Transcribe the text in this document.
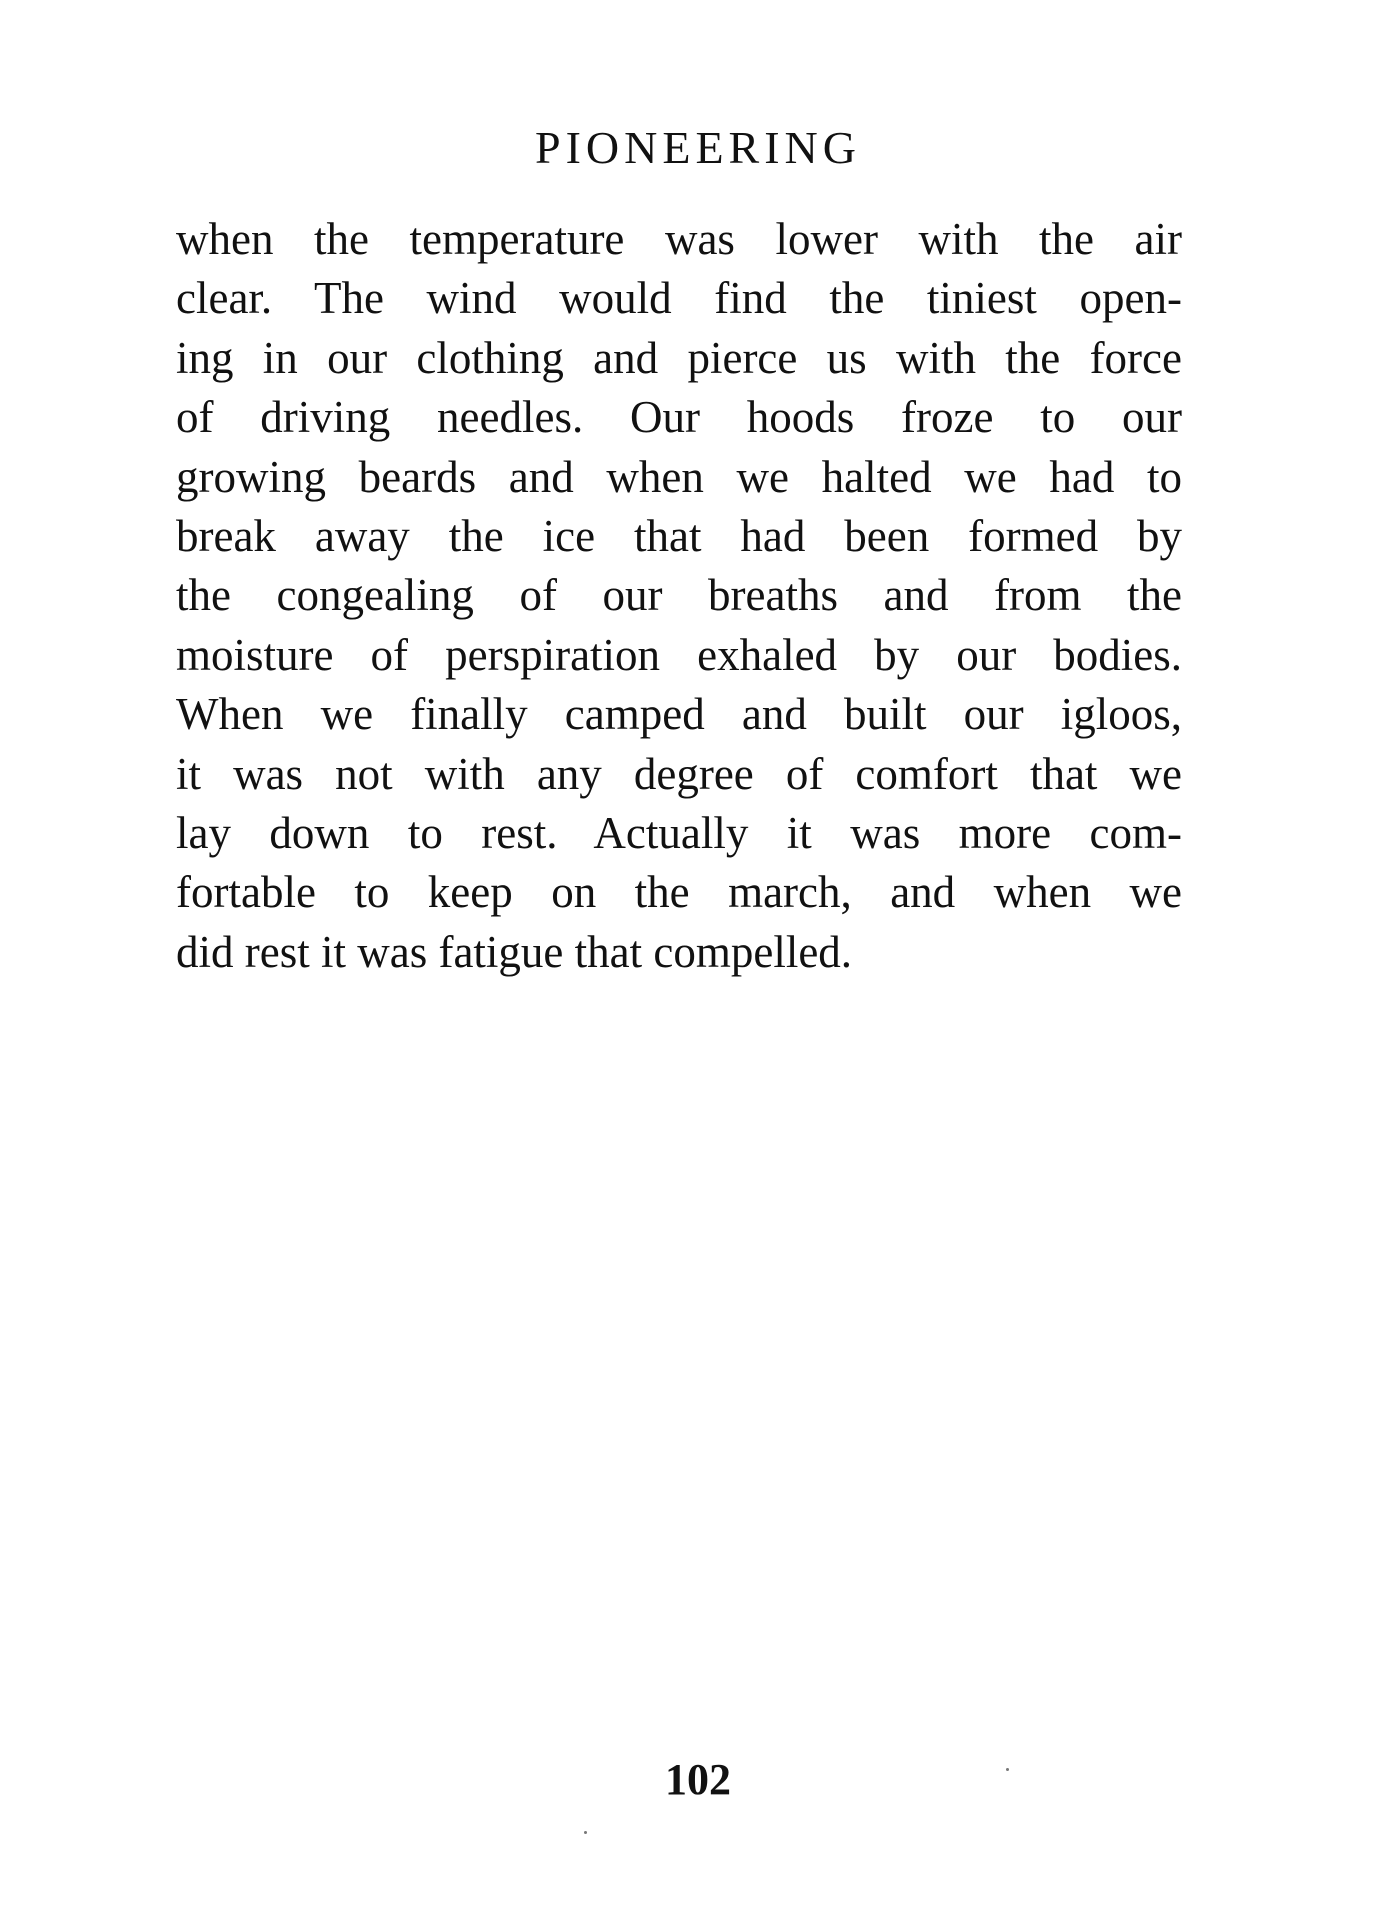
PIONEERING
when the temperature was lower with the air
clear. The wind would find the tiniest open-
ing in our clothing and pierce us with the force
of driving needles. Our hoods froze to our
growing beards and when we halted we had to
break away the ice that had been formed by
the congealing of our breaths and from the
moisture of perspiration exhaled by our bodies.
When we finally camped and built our igloos,
it was not with any degree of comfort that we
lay down to rest. Actually it was more com-
fortable to keep on the march, and when we
did rest it was fatigue that compelled.
102
